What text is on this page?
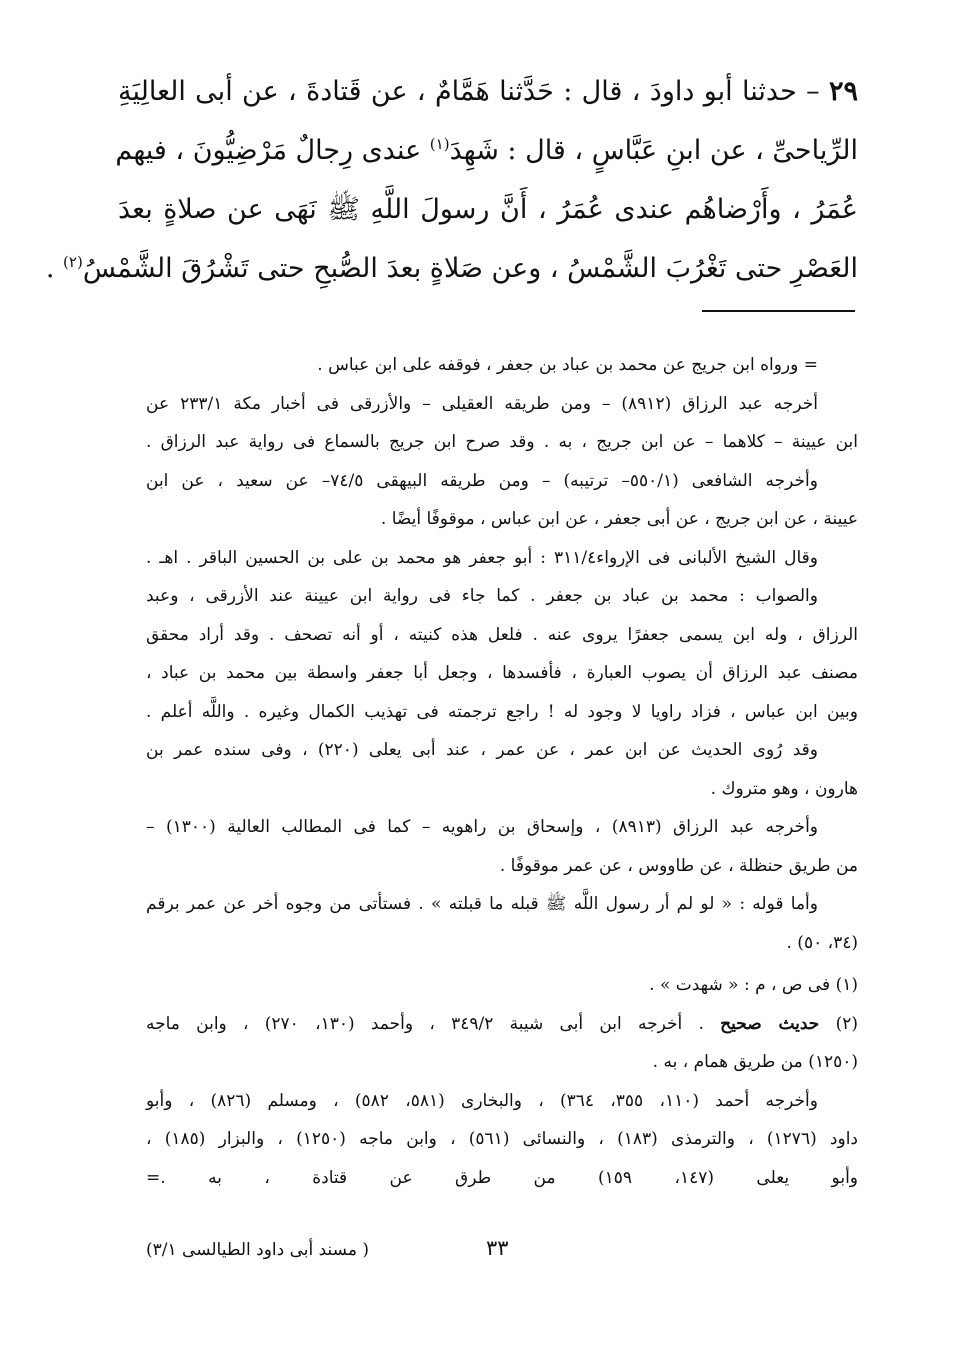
٢٩ – حدثنا أبو داودَ ، قال : حَدَّثنا هَمَّامٌ ، عن قَتادةَ ، عن أبى العالِيَةِ
الرِّياحىِّ ، عن ابنِ عَبَّاسٍ ، قال : شَهِدَ$^{(١)}$ عندى رِجالٌ مَرْضِيُّونَ ، فيهم
عُمَرُ ، وأَرْضاهُم عندى عُمَرُ ، أَنَّ رسولَ اللَّهِ ﷺ نَهَى عن صلاةٍ بعدَ
العَصْرِ حتى تَغْرُبَ الشَّمْسُ ، وعن صَلاةٍ بعدَ الصُّبحِ حتى تَشْرُقَ الشَّمْسُ$^{(٢)}$ .
= ورواه ابن جريج عن محمد بن عباد بن جعفر ، فوقفه على ابن عباس .
أخرجه عبد الرزاق (٨٩١٢) – ومن طريقه العقيلى – والأزرقى فى أخبار مكة ٢٣٣/١ عن
ابن عيينة – كلاهما – عن ابن جريج ، به . وقد صرح ابن جريج بالسماع فى رواية عبد الرزاق .
وأخرجه الشافعى (٥٥٠/١– ترتيبه) – ومن طريقه البيهقى ٧٤/٥– عن سعيد ، عن ابن
عيينة ، عن ابن جريج ، عن أبى جعفر ، عن ابن عباس ، موقوفًا أيضًا .
وقال الشيخ الألبانى فى الإرواء٣١١/٤ : أبو جعفر هو محمد بن على بن الحسين الباقر . اهـ .
والصواب : محمد بن عباد بن جعفر . كما جاء فى رواية ابن عيينة عند الأزرقى ، وعبد
الرزاق ، وله ابن يسمى جعفرًا يروى عنه . فلعل هذه كنيته ، أو أنه تصحف . وقد أراد محقق
مصنف عبد الرزاق أن يصوب العبارة ، فأفسدها ، وجعل أبا جعفر واسطة بين محمد بن عباد ،
وبين ابن عباس ، فزاد راويا لا وجود له ! راجع ترجمته فى تهذيب الكمال وغيره . واللَّه أعلم .
وقد رُوى الحديث عن ابن عمر ، عن عمر ، عند أبى يعلى (٢٢٠) ، وفى سنده عمر بن
هارون ، وهو متروك .
وأخرجه عبد الرزاق (٨٩١٣) ، وإسحاق بن راهويه – كما فى المطالب العالية (١٣٠٠) –
من طريق حنظلة ، عن طاووس ، عن عمر موقوفًا .
وأما قوله : « لو لم أر رسول اللَّه ﷺ قبله ما قبلته » . فستأتى من وجوه أخر عن عمر برقم
(٣٤، ٥٠) .
(١) فى ص ، م : « شهدت » .
(٢) حديث صحيح . أخرجه ابن أبى شيبة ٣٤٩/٢ ، وأحمد (١٣٠، ٢٧٠) ، وابن ماجه
(١٢٥٠) من طريق همام ، به .
وأخرجه أحمد (١١٠، ٣٥٥، ٣٦٤) ، والبخارى (٥٨١، ٥٨٢) ، ومسلم (٨٢٦) ، وأبو
داود (١٢٧٦) ، والترمذى (١٨٣) ، والنسائى (٥٦١) ، وابن ماجه (١٢٥٠) ، والبزار (١٨٥) ،
وأبو يعلى (١٤٧، ١٥٩) من طرق عن قتادة ، به .
=
( مسند أبى داود الطيالسى ٣/١)	٣٣
